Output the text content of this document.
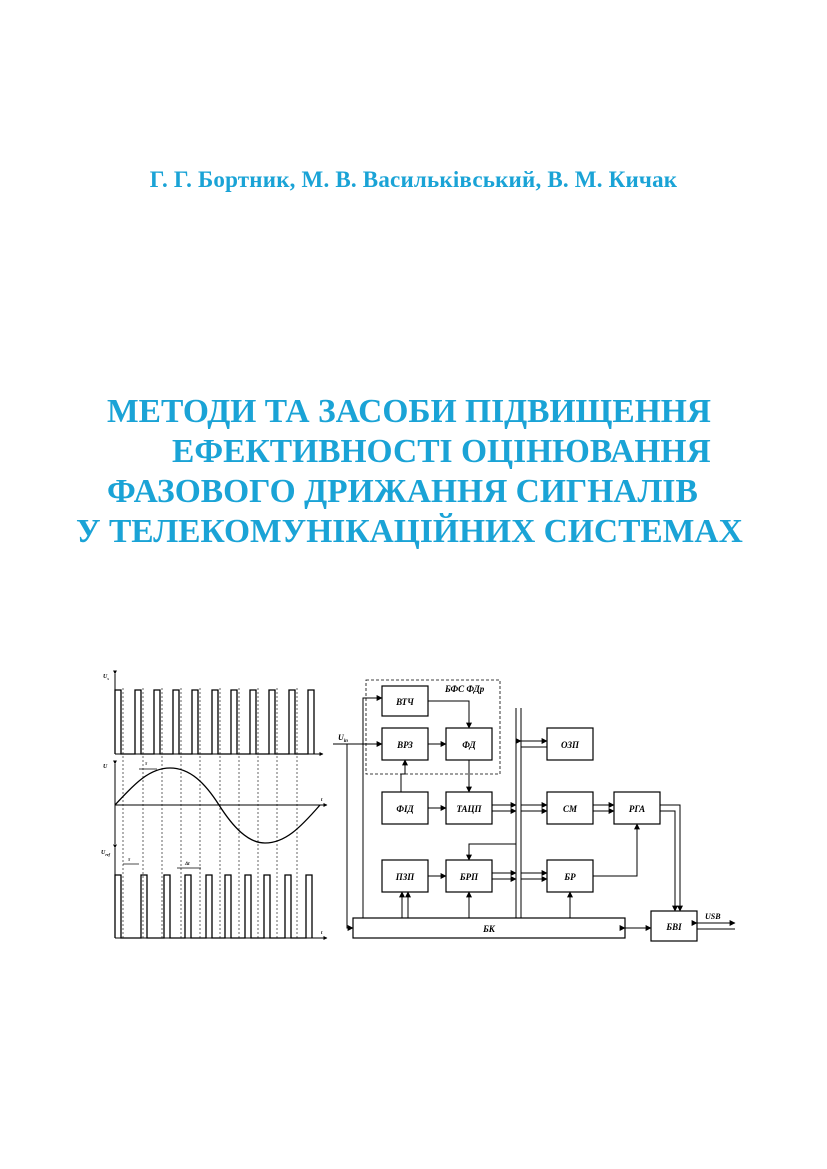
Г. Г. Бортник, М. В. Васильківський, В. М. Кичак
МЕТОДИ ТА ЗАСОБИ ПІДВИЩЕННЯ
ЕФЕКТИВНОСТІ ОЦІНЮВАННЯ
ФАЗОВОГО ДРИЖАННЯ СИГНАЛІВ
У ТЕЛЕКОМУНІКАЦІЙНИХ СИСТЕМАХ
$U_s$
U
$U_{ref}$
t
t
τ
τ
Δt
БФС ФДр
$U_{in}$
ВТЧ
ВРЗ	ФД
ФІД	ТАЦП
ПЗП	БРП
ОЗП
СМ	РГА
БР
БК	БВІ
USB
